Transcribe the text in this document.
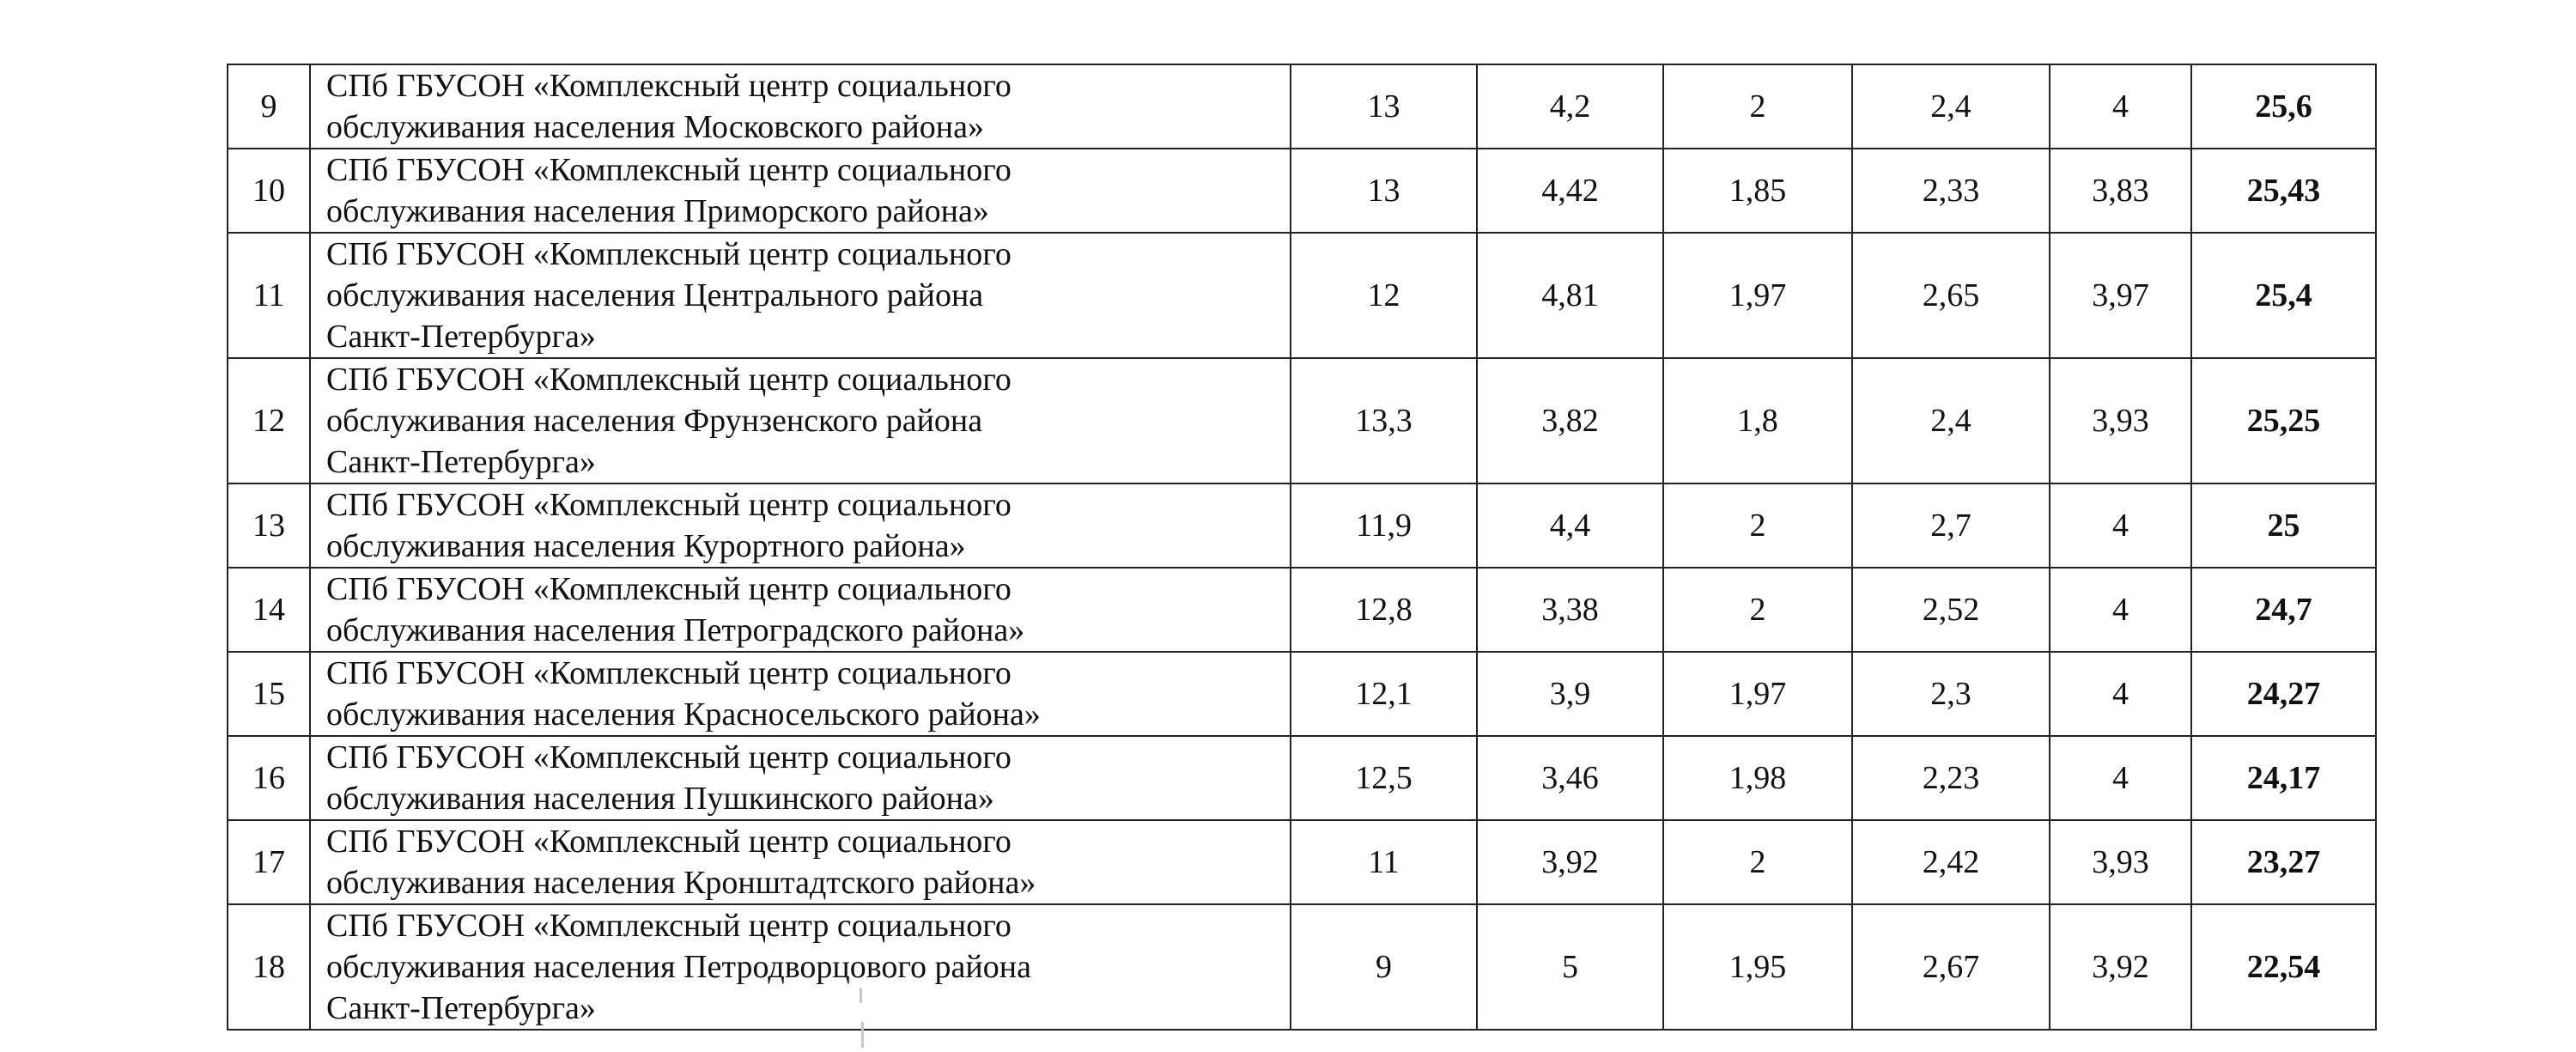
9	СПб ГБУСОН «Комплексный центр социального
обслуживания населения Московского района»	13	4,2	2	2,4	4	25,6
10	СПб ГБУСОН «Комплексный центр социального
обслуживания населения Приморского района»	13	4,42	1,85	2,33	3,83	25,43
11	СПб ГБУСОН «Комплексный центр социального
обслуживания населения Центрального района
Санкт-Петербурга»	12	4,81	1,97	2,65	3,97	25,4
12	СПб ГБУСОН «Комплексный центр социального
обслуживания населения Фрунзенского района
Санкт-Петербурга»	13,3	3,82	1,8	2,4	3,93	25,25
13	СПб ГБУСОН «Комплексный центр социального
обслуживания населения Курортного района»	11,9	4,4	2	2,7	4	25
14	СПб ГБУСОН «Комплексный центр социального
обслуживания населения Петроградского района»	12,8	3,38	2	2,52	4	24,7
15	СПб ГБУСОН «Комплексный центр социального
обслуживания населения Красносельского района»	12,1	3,9	1,97	2,3	4	24,27
16	СПб ГБУСОН «Комплексный центр социального
обслуживания населения Пушкинского района»	12,5	3,46	1,98	2,23	4	24,17
17	СПб ГБУСОН «Комплексный центр социального
обслуживания населения Кронштадтского района»	11	3,92	2	2,42	3,93	23,27
18	СПб ГБУСОН «Комплексный центр социального
обслуживания населения Петродворцового района
Санкт-Петербурга»	9	5	1,95	2,67	3,92	22,54
